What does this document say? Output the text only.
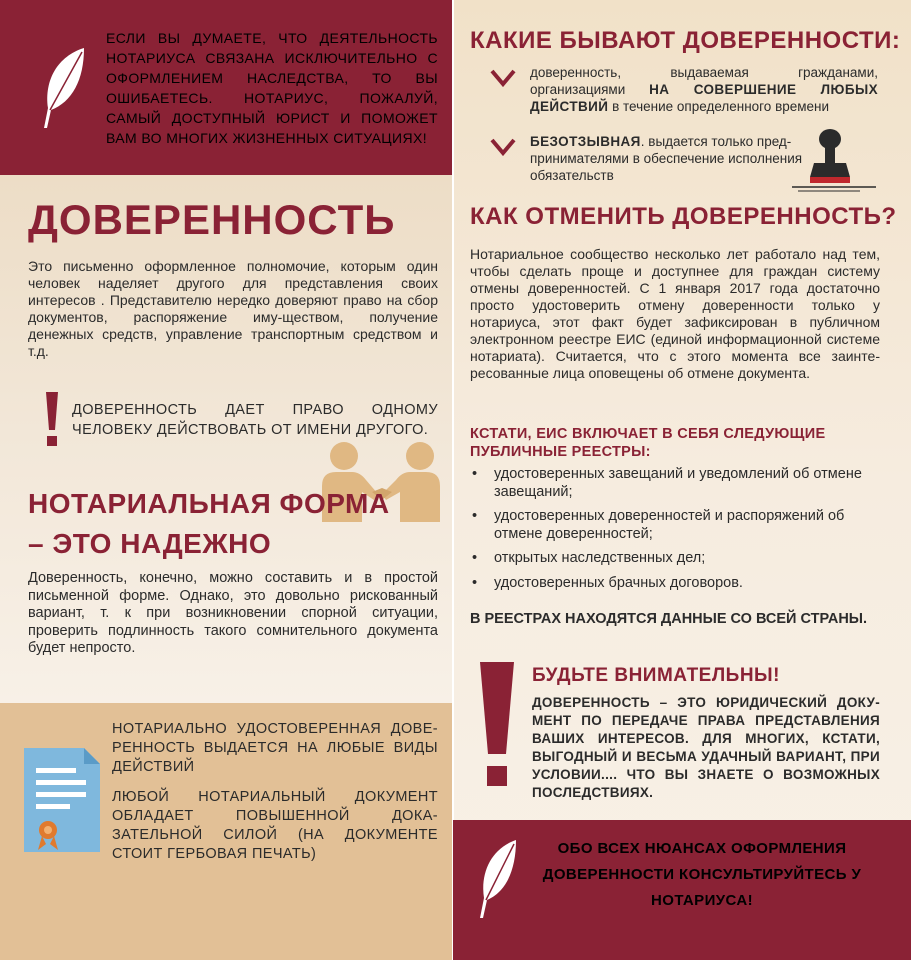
ЕСЛИ ВЫ ДУМАЕТЕ, ЧТО ДЕЯТЕЛЬНОСТЬ НОТАРИУСА СВЯЗАНА ИСКЛЮЧИТЕЛЬНО С ОФОРМЛЕНИЕМ НАСЛЕДСТВА, ТО ВЫ ОШИБАЕТЕСЬ. НОТАРИУС, ПОЖАЛУЙ, САМЫЙ ДОСТУПНЫЙ ЮРИСТ И ПОМОЖЕТ ВАМ ВО МНОГИХ ЖИЗНЕННЫХ СИТУАЦИЯХ!
ДОВЕРЕННОСТЬ
Это письменно оформленное полномочие, которым один человек наделяет другого для представления своих интересов . Представителю нередко доверяют право на сбор документов, распоряжение иму-ществом, получение денежных средств, управление транспортным средством и т.д.
ДОВЕРЕННОСТЬ ДАЕТ ПРАВО ОДНОМУ ЧЕЛОВЕКУ ДЕЙСТВОВАТЬ ОТ ИМЕНИ ДРУГОГО.
НОТАРИАЛЬНАЯ ФОРМА – ЭТО НАДЕЖНО
Доверенность, конечно, можно составить и в простой письменной форме. Однако, это довольно рискованный вариант, т. к при возникновении спорной ситуации, проверить подлинность такого сомнительного документа будет непросто.

НОТАРИАЛЬНО УДОСТОВЕРЕННАЯ ДОВЕ-РЕННОСТЬ ВЫДАЕТСЯ НА ЛЮБЫЕ ВИДЫ ДЕЙСТВИЙ

ЛЮБОЙ НОТАРИАЛЬНЫЙ ДОКУМЕНТ ОБЛАДАЕТ ПОВЫШЕННОЙ ДОКА-ЗАТЕЛЬНОЙ СИЛОЙ (НА ДОКУМЕНТЕ СТОИТ ГЕРБОВАЯ ПЕЧАТЬ)

КАКИЕ БЫВАЮТ ДОВЕРЕННОСТИ:
доверенность, выдаваемая гражданами, организациями НА СОВЕРШЕНИЕ ЛЮБЫХ ДЕЙСТВИЙ в течение определенного времени
БЕЗОТЗЫВНАЯ. выдается только пред-принимателями в обеспечение исполнения обязательств
КАК ОТМЕНИТЬ ДОВЕРЕННОСТЬ?
Нотариальное сообщество несколько лет работало над тем, чтобы сделать проще и доступнее для граждан систему отмены доверенностей. С 1 января 2017 года достаточно просто удостоверить отмену доверенности только у нотариуса, этот факт будет зафиксирован в публичном электронном реестре ЕИС (единой информационной системе нотариата). Считается, что с этого момента все заинте-ресованные лица оповещены об отмене документа.
КСТАТИ, ЕИС ВКЛЮЧАЕТ В СЕБЯ СЛЕДУЮЩИЕ ПУБЛИЧНЫЕ РЕЕСТРЫ:
• удостоверенных завещаний и уведомлений об отмене завещаний;
• удостоверенных доверенностей и распоряжений об отмене доверенностей;
• открытых наследственных дел;
• удостоверенных брачных договоров.
В РЕЕСТРАХ НАХОДЯТСЯ ДАННЫЕ СО ВСЕЙ СТРАНЫ.
БУДЬТЕ ВНИМАТЕЛЬНЫ!
ДОВЕРЕННОСТЬ – ЭТО ЮРИДИЧЕСКИЙ ДОКУ-МЕНТ ПО ПЕРЕДАЧЕ ПРАВА ПРЕДСТАВЛЕНИЯ ВАШИХ ИНТЕРЕСОВ. ДЛЯ МНОГИХ, КСТАТИ, ВЫГОДНЫЙ И ВЕСЬМА УДАЧНЫЙ ВАРИАНТ, ПРИ УСЛОВИИ.... ЧТО ВЫ ЗНАЕТЕ О ВОЗМОЖНЫХ ПОСЛЕДСТВИЯХ.
ОБО ВСЕХ НЮАНСАХ ОФОРМЛЕНИЯ ДОВЕРЕННОСТИ КОНСУЛЬТИРУЙТЕСЬ У НОТАРИУСА!
